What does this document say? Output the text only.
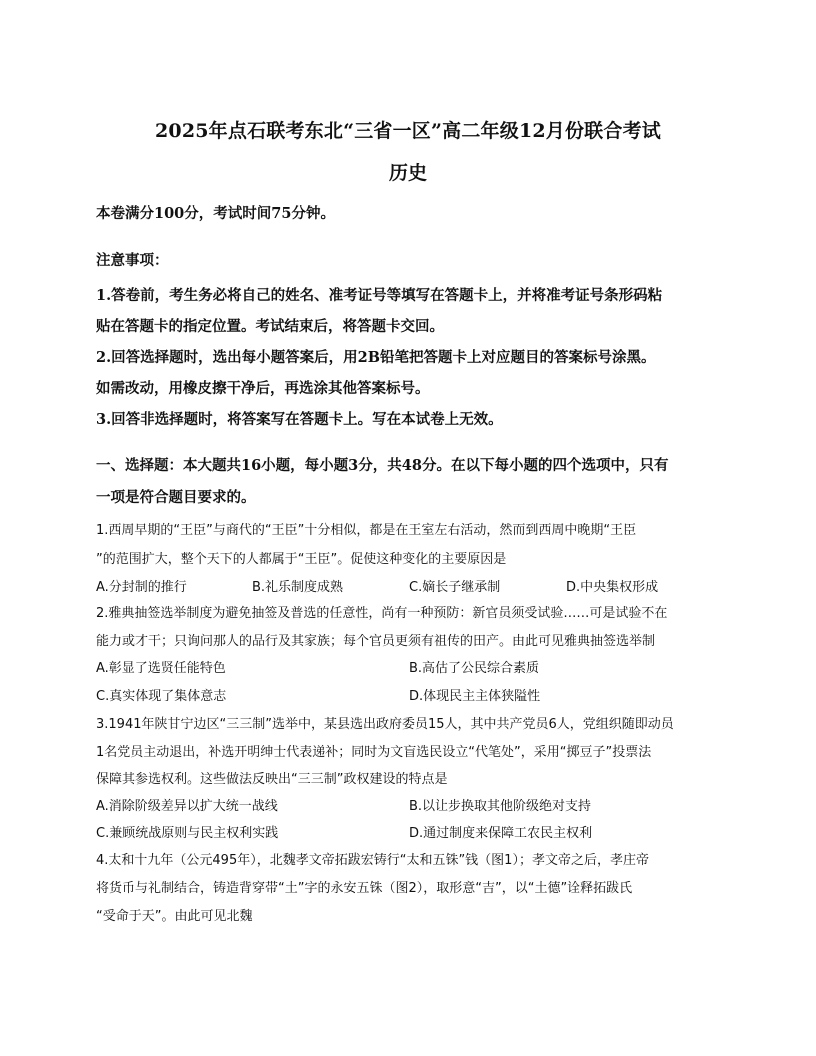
2025年点石联考东北“三省一区”高二年级12月份联合考试
历史
本卷满分100分，考试时间75分钟。
注意事项：
1.答卷前，考生务必将自己的姓名、准考证号等填写在答题卡上，并将准考证号条形码粘
贴在答题卡的指定位置。考试结束后，将答题卡交回。
2.回答选择题时，选出每小题答案后，用2B铅笔把答题卡上对应题目的答案标号涂黑。
如需改动，用橡皮擦干净后，再选涂其他答案标号。
3.回答非选择题时，将答案写在答题卡上。写在本试卷上无效。
一、选择题：本大题共16小题，每小题3分，共48分。在以下每小题的四个选项中，只有
一项是符合题目要求的。
1.西周早期的“王臣”与商代的“王臣”十分相似，都是在王室左右活动，然而到西周中晚期“王臣
”的范围扩大，整个天下的人都属于“王臣”。促使这种变化的主要原因是
A.分封制的推行	B.礼乐制度成熟	C.嫡长子继承制	D.中央集权形成
2.雅典抽签选举制度为避免抽签及普选的任意性，尚有一种预防：新官员须受试验……可是试验不在
能力或才干；只询问那人的品行及其家族；每个官员更须有祖传的田产。由此可见雅典抽签选举制
A.彰显了选贤任能特色	B.高估了公民综合素质
C.真实体现了集体意志	D.体现民主主体狭隘性
3.1941年陕甘宁边区“三三制”选举中，某县选出政府委员15人，其中共产党员6人，党组织随即动员
1名党员主动退出，补选开明绅士代表递补；同时为文盲选民设立“代笔处”，采用“掷豆子”投票法
保障其参选权利。这些做法反映出“三三制”政权建设的特点是
A.消除阶级差异以扩大统一战线	B.以让步换取其他阶级绝对支持
C.兼顾统战原则与民主权利实践	D.通过制度来保障工农民主权利
4.太和十九年（公元495年），北魏孝文帝拓跋宏铸行“太和五铢”钱（图1）；孝文帝之后，孝庄帝
将货币与礼制结合，铸造背穿带“土”字的永安五铢（图2），取形意“吉”，以“土德”诠释拓跋氏
“受命于天”。由此可见北魏
